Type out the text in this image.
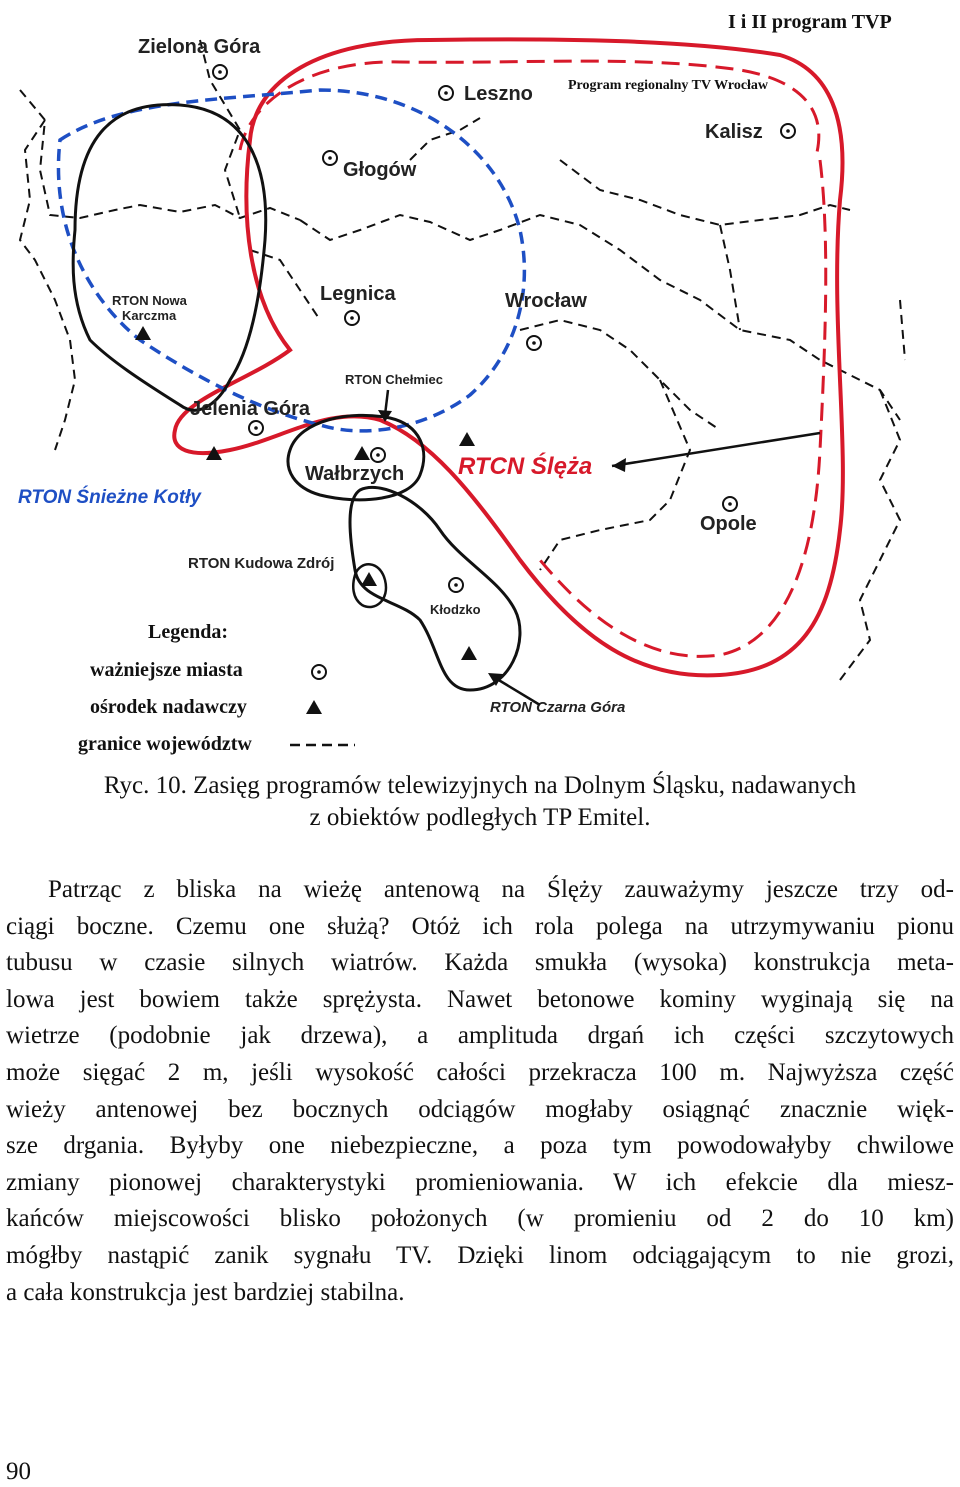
I i II program TVP
Program regionalny TV Wrocław
Zielona Góra
Leszno
Kalisz
Głogów
Legnica	Wrocław
Jelenia Góra
Wałbrzych
Opole
Kłodzko
RTON Nowa
Karczma
RTON Chełmiec
RTON Śnieżne Kotły
RTCN Ślęża
RTON Kudowa Zdrój
RTON Czarna Góra
Legenda:
ważniejsze miasta
ośrodek nadawczy
granice województw
Ryc. 10. Zasięg programów telewizyjnych na Dolnym Śląsku, nadawanych
z obiektów podległych TP Emitel.
Patrząc z bliska na wieżę antenową na Ślęży zauważymy jeszcze trzy od-
ciągi boczne. Czemu one służą? Otóż ich rola polega na utrzymywaniu pionu
tubusu w czasie silnych wiatrów. Każda smukła (wysoka) konstrukcja meta-
lowa jest bowiem także sprężysta. Nawet betonowe kominy wyginają się na
wietrze (podobnie jak drzewa), a amplituda drgań ich części szczytowych
może sięgać 2 m, jeśli wysokość całości przekracza 100 m. Najwyższa część
wieży antenowej bez bocznych odciągów mogłaby osiągnąć znacznie więk-
sze drgania. Byłyby one niebezpieczne, a poza tym powodowałyby chwilowe
zmiany pionowej charakterystyki promieniowania. W ich efekcie dla miesz-
kańców miejscowości blisko położonych (w promieniu od 2 do 10 km)
mógłby nastąpić zanik sygnału TV. Dzięki linom odciągającym to nie grozi,
a cała konstrukcja jest bardziej stabilna.
90
